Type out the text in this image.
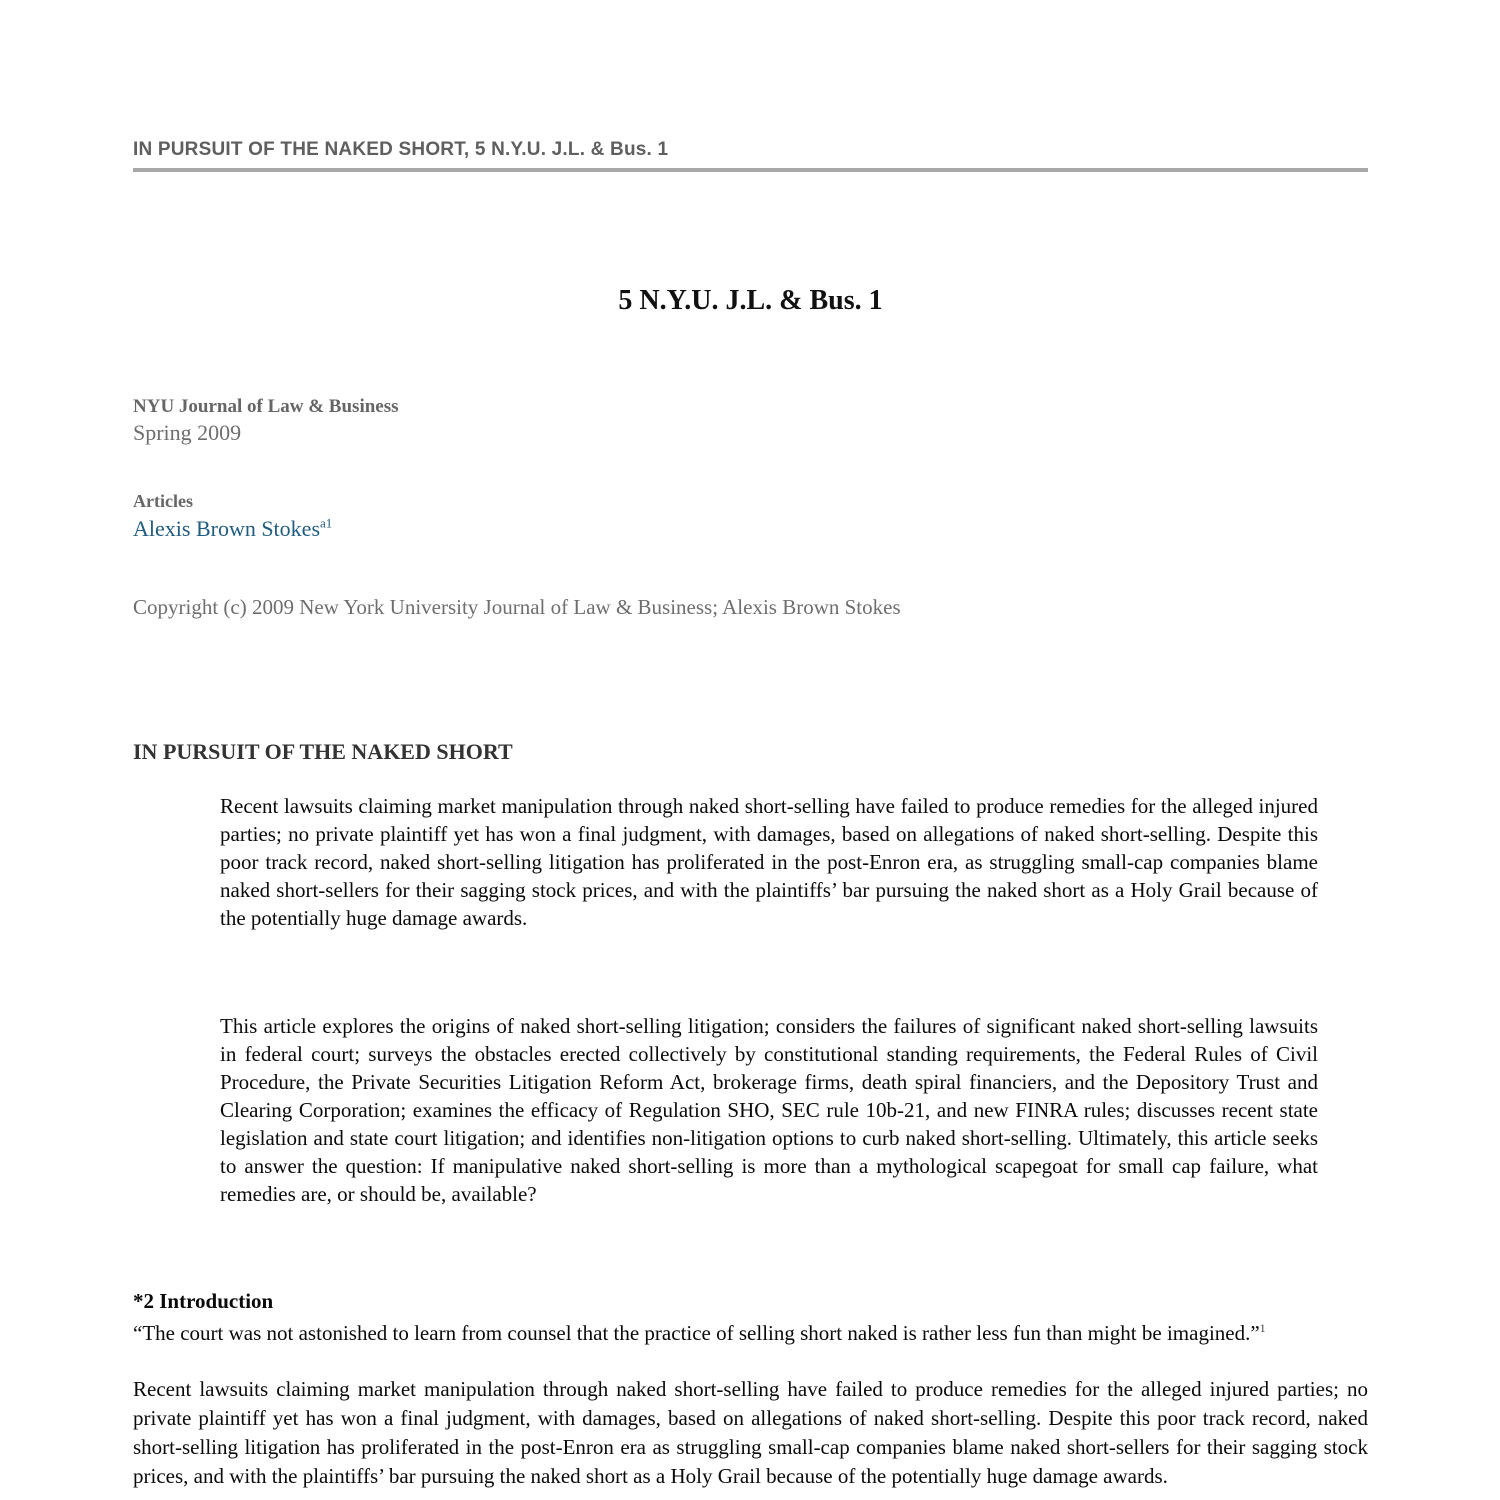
IN PURSUIT OF THE NAKED SHORT, 5 N.Y.U. J.L. & Bus. 1
5 N.Y.U. J.L. & Bus. 1
NYU Journal of Law & Business
Spring 2009
Articles
Alexis Brown Stokes$^{a1}$
Copyright (c) 2009 New York University Journal of Law & Business; Alexis Brown Stokes
IN PURSUIT OF THE NAKED SHORT

Recent lawsuits claiming market manipulation through naked short-selling have failed to produce remedies for the alleged injured parties; no private plaintiff yet has won a final judgment, with damages, based on allegations of naked short-selling. Despite this poor track record, naked short-selling litigation has proliferated in the post-Enron era, as struggling small-cap companies blame naked short-sellers for their sagging stock prices, and with the plaintiffs’ bar pursuing the naked short as a Holy Grail because of the potentially huge damage awards.

This article explores the origins of naked short-selling litigation; considers the failures of significant naked short-selling lawsuits in federal court; surveys the obstacles erected collectively by constitutional standing requirements, the Federal Rules of Civil Procedure, the Private Securities Litigation Reform Act, brokerage firms, death spiral financiers, and the Depository Trust and Clearing Corporation; examines the efficacy of Regulation SHO, SEC rule 10b-21, and new FINRA rules; discusses recent state legislation and state court litigation; and identifies non-litigation options to curb naked short-selling. Ultimately, this article seeks to answer the question: If manipulative naked short-selling is more than a mythological scapegoat for small cap failure, what remedies are, or should be, available?

*2 Introduction

“The court was not astonished to learn from counsel that the practice of selling short naked is rather less fun than might be imagined.”$^1$

Recent lawsuits claiming market manipulation through naked short-selling have failed to produce remedies for the alleged injured parties; no private plaintiff yet has won a final judgment, with damages, based on allegations of naked short-selling. Despite this poor track record, naked short-selling litigation has proliferated in the post-Enron era as struggling small-cap companies blame naked short-sellers for their sagging stock prices, and with the plaintiffs’ bar pursuing the naked short as a Holy Grail because of the potentially huge damage awards.
